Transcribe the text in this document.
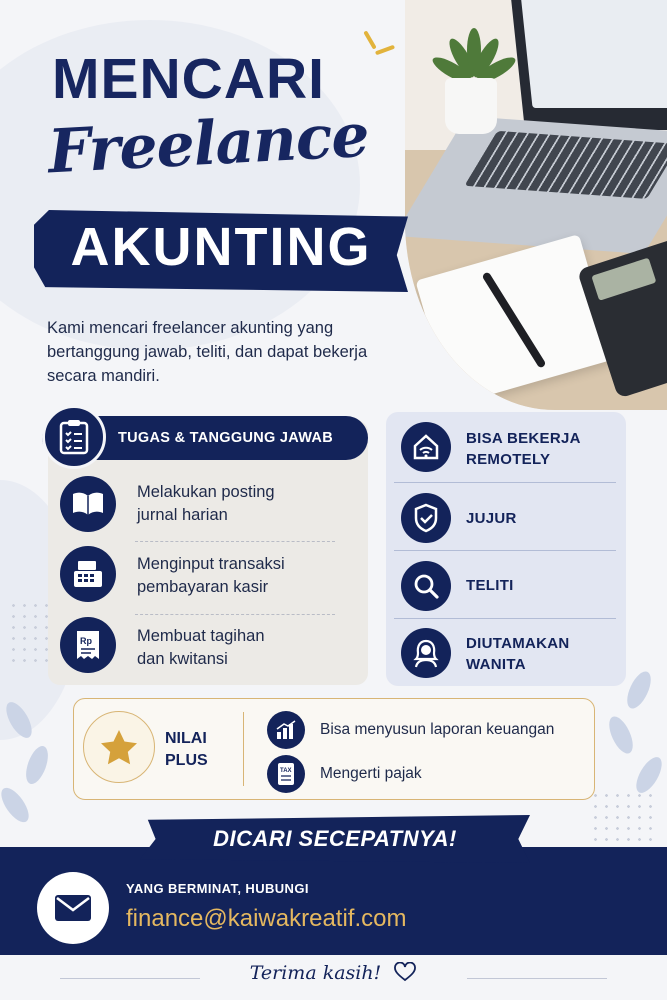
MENCARI
Freelance
AKUNTING
Kami mencari freelancer akunting yang bertanggung jawab, teliti, dan dapat bekerja secara mandiri.
TUGAS & TANGGUNG JAWAB
Melakukan posting
jurnal harian
Menginput transaksi
pembayaran kasir
Rp	Membuat tagihan
dan kwitansi
BISA BEKERJA
REMOTELY
JUJUR
TELITI
DIUTAMAKAN
WANITA
NILAI
PLUS
Bisa menyusun laporan keuangan
TAX Mengerti pajak
DICARI SECEPATNYA!
YANG BERMINAT, HUBUNGI
finance@kaiwakreatif.com
Terima kasih!
